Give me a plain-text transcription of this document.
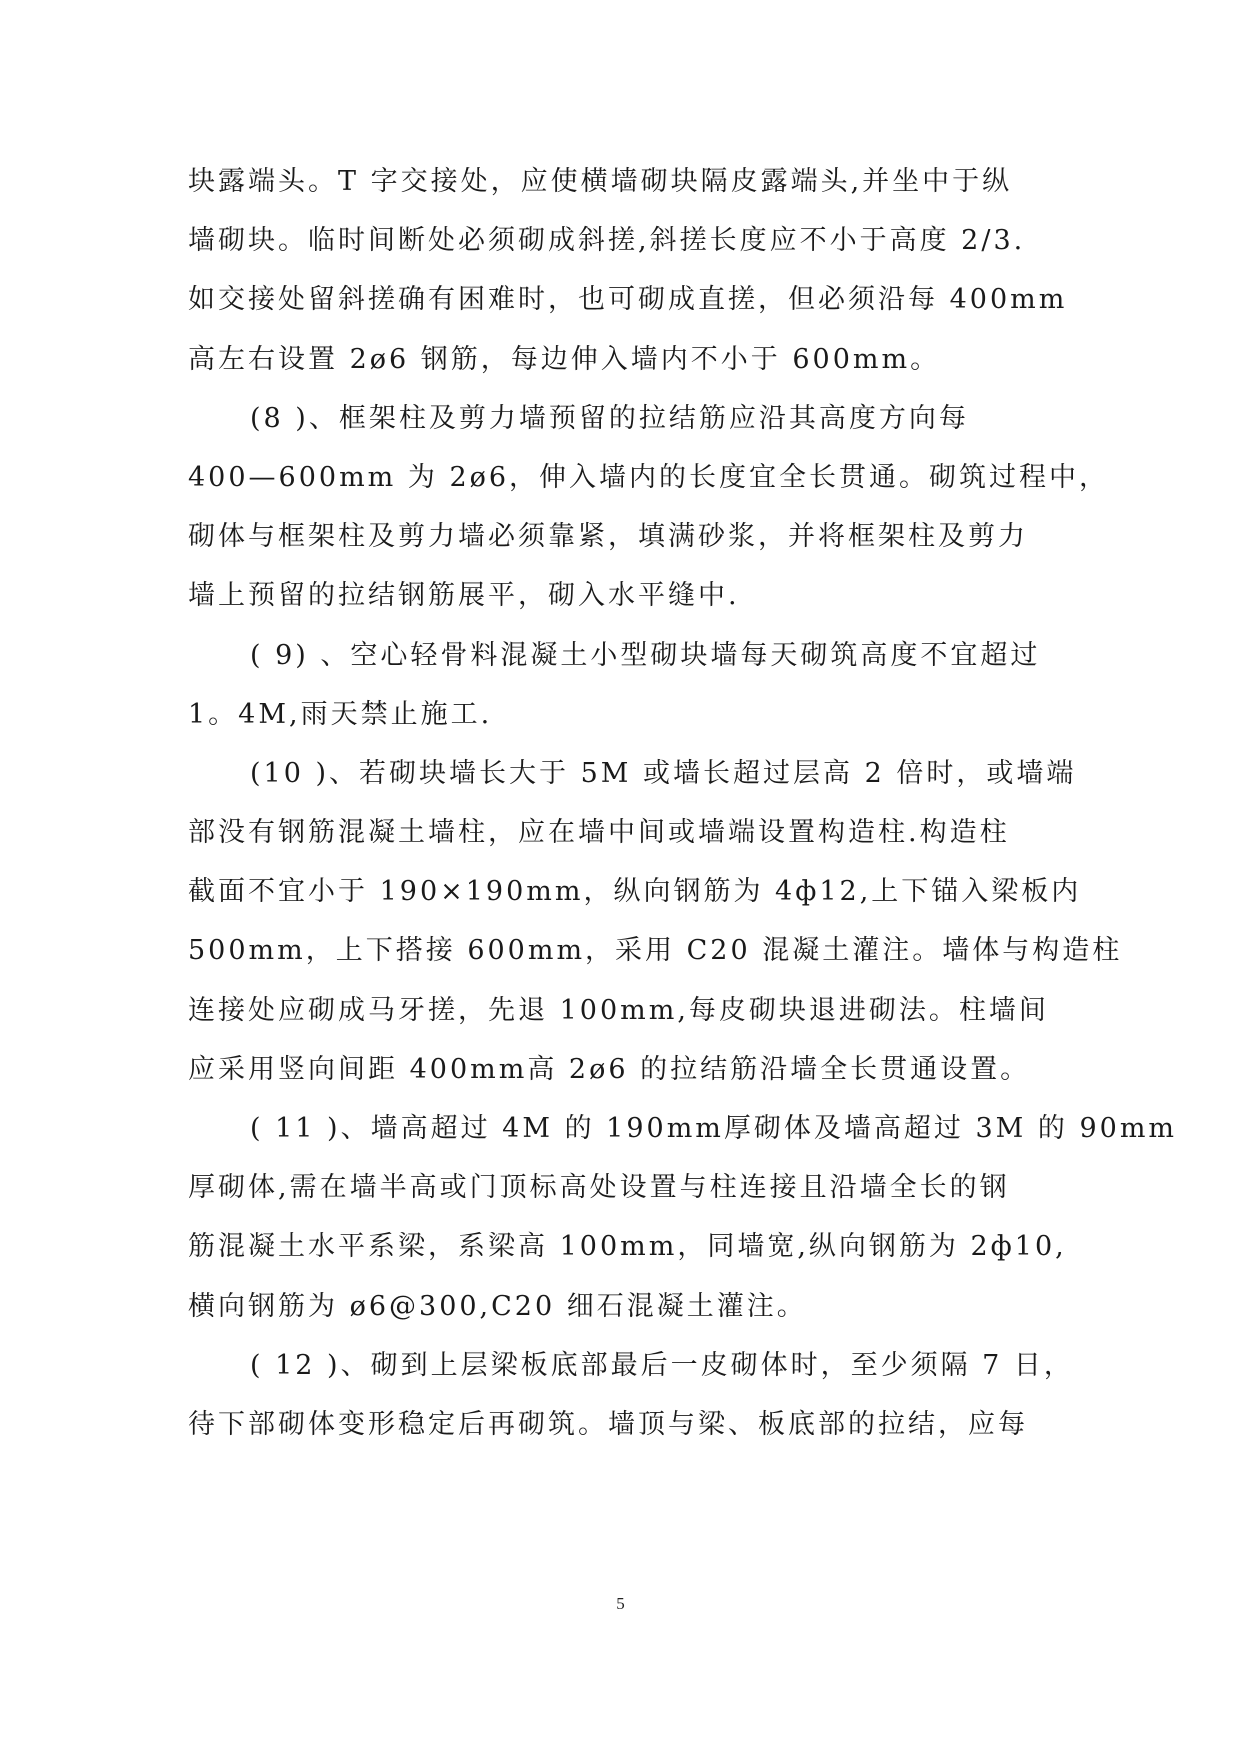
块露端头。T 字交接处，应使横墙砌块隔皮露端头,并坐中于纵
墙砌块。临时间断处必须砌成斜搓,斜搓长度应不小于高度 2/3.
如交接处留斜搓确有困难时，也可砌成直搓，但必须沿每 400mm
高左右设置 2ø6 钢筋，每边伸入墙内不小于 600mm。
(8 )、框架柱及剪力墙预留的拉结筋应沿其高度方向每
400—600mm 为 2ø6，伸入墙内的长度宜全长贯通。砌筑过程中，
砌体与框架柱及剪力墙必须靠紧，填满砂浆，并将框架柱及剪力
墙上预留的拉结钢筋展平，砌入水平缝中.
( 9) 、空心轻骨料混凝土小型砌块墙每天砌筑高度不宜超过
1。4M,雨天禁止施工.
(10 )、若砌块墙长大于 5M 或墙长超过层高 2 倍时，或墙端
部没有钢筋混凝土墙柱，应在墙中间或墙端设置构造柱.构造柱
截面不宜小于 190×190mm，纵向钢筋为 4ф12,上下锚入梁板内
500mm，上下搭接 600mm，采用 C20 混凝土灌注。墙体与构造柱
连接处应砌成马牙搓，先退 100mm,每皮砌块退进砌法。柱墙间
应采用竖向间距 400mm高 2ø6 的拉结筋沿墙全长贯通设置。
( 11 )、墙高超过 4M 的 190mm厚砌体及墙高超过 3M 的 90mm
厚砌体,需在墙半高或门顶标高处设置与柱连接且沿墙全长的钢
筋混凝土水平系梁，系梁高 100mm，同墙宽,纵向钢筋为 2ф10,
横向钢筋为 ø6@300,C20 细石混凝土灌注。
( 12 )、砌到上层梁板底部最后一皮砌体时，至少须隔 7 日，
待下部砌体变形稳定后再砌筑。墙顶与梁、板底部的拉结，应每
5
